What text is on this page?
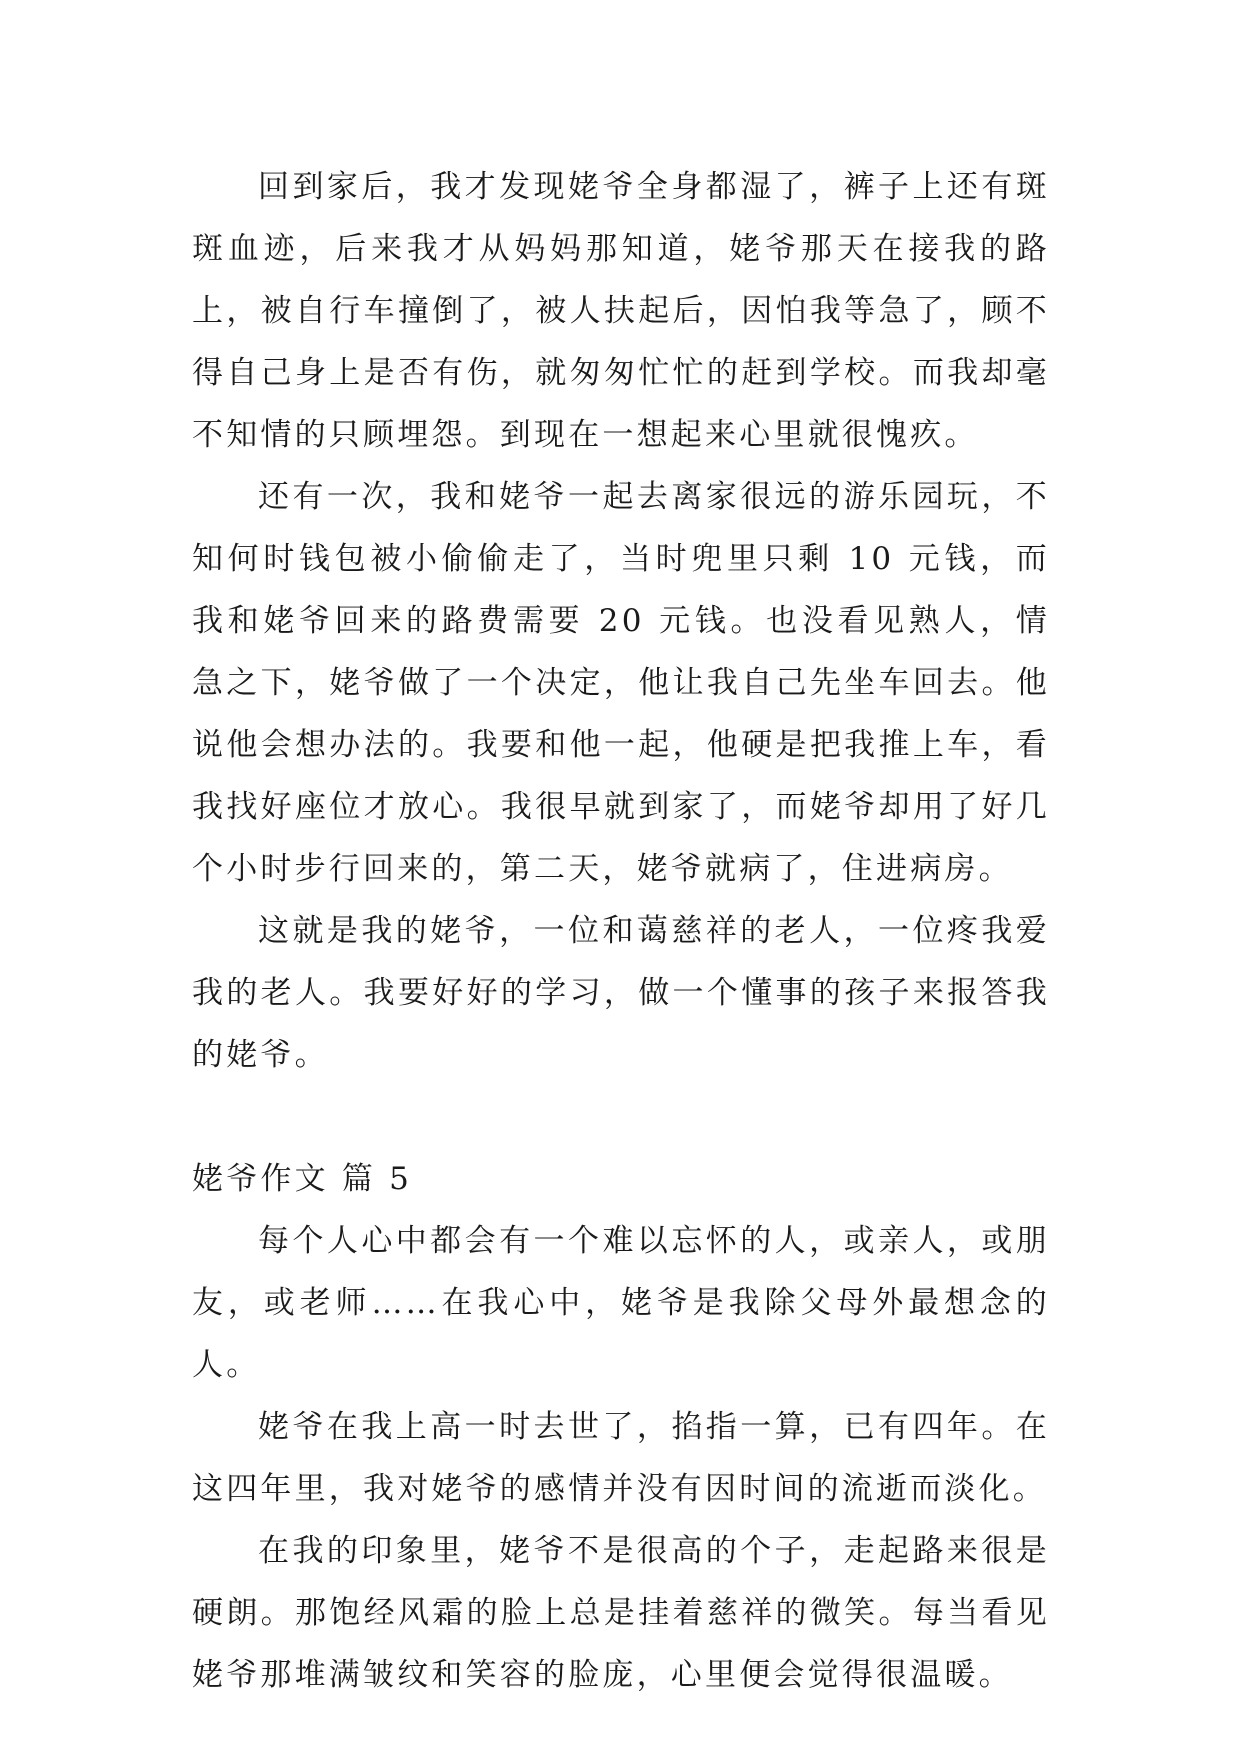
回到家后，我才发现姥爷全身都湿了，裤子上还有斑斑血迹，后来我才从妈妈那知道，姥爷那天在接我的路上，被自行车撞倒了，被人扶起后，因怕我等急了，顾不得自己身上是否有伤，就匆匆忙忙的赶到学校。而我却毫不知情的只顾埋怨。到现在一想起来心里就很愧疚。

还有一次，我和姥爷一起去离家很远的游乐园玩，不知何时钱包被小偷偷走了，当时兜里只剩 10 元钱，而我和姥爷回来的路费需要 20 元钱。也没看见熟人，情急之下，姥爷做了一个决定，他让我自己先坐车回去。他说他会想办法的。我要和他一起，他硬是把我推上车，看我找好座位才放心。我很早就到家了，而姥爷却用了好几个小时步行回来的，第二天，姥爷就病了，住进病房。

这就是我的姥爷，一位和蔼慈祥的老人，一位疼我爱我的老人。我要好好的学习，做一个懂事的孩子来报答我的姥爷。

姥爷作文 篇 5

每个人心中都会有一个难以忘怀的人，或亲人，或朋友，或老师……在我心中，姥爷是我除父母外最想念的人。

姥爷在我上高一时去世了，掐指一算，已有四年。在这四年里，我对姥爷的感情并没有因时间的流逝而淡化。

在我的印象里，姥爷不是很高的个子，走起路来很是硬朗。那饱经风霜的脸上总是挂着慈祥的微笑。每当看见姥爷那堆满皱纹和笑容的脸庞，心里便会觉得很温暖。
